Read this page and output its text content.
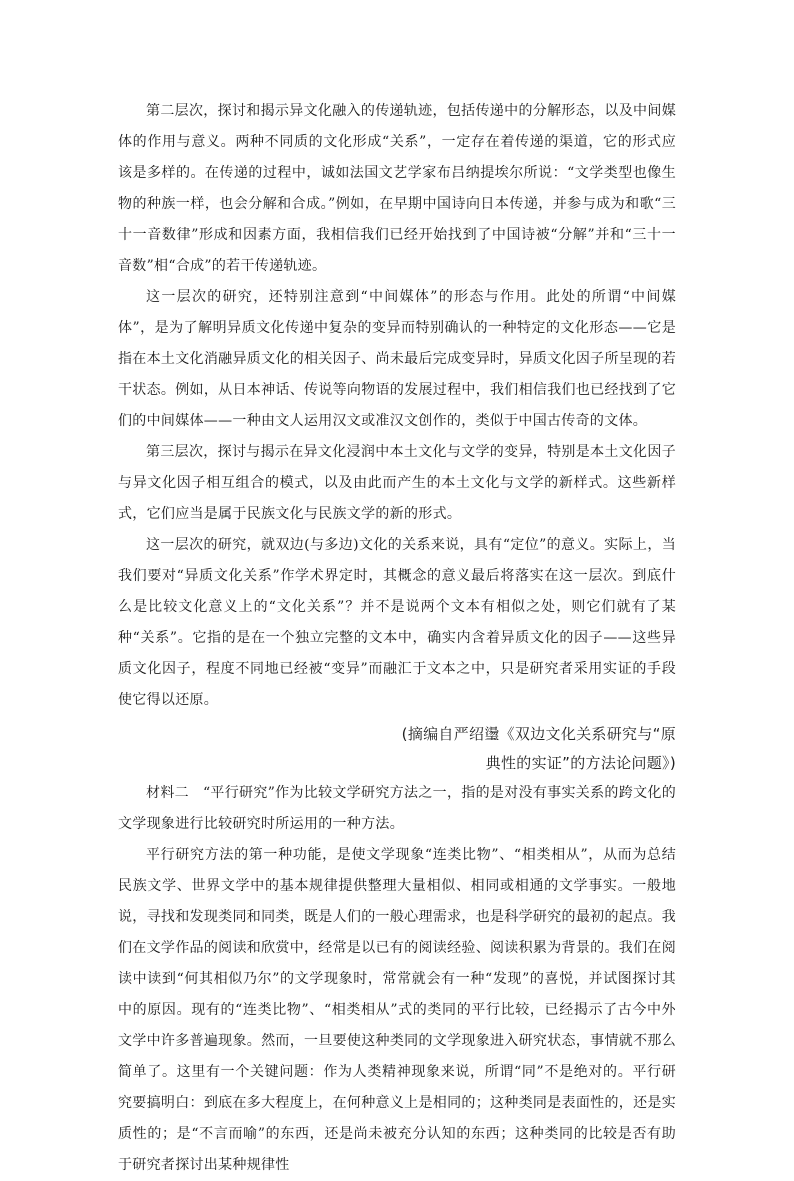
第二层次，探讨和揭示异文化融入的传递轨迹，包括传递中的分解形态，以及中间媒体的作用与意义。两种不同质的文化形成“关系”，一定存在着传递的渠道，它的形式应该是多样的。在传递的过程中，诚如法国文艺学家布吕纳提埃尔所说：“文学类型也像生物的种族一样，也会分解和合成。”例如，在早期中国诗向日本传递，并参与成为和歌“三十一音数律”形成和因素方面，我相信我们已经开始找到了中国诗被“分解”并和“三十一音数”相“合成”的若干传递轨迹。

这一层次的研究，还特别注意到“中间媒体”的形态与作用。此处的所谓“中间媒体”，是为了解明异质文化传递中复杂的变异而特别确认的一种特定的文化形态——它是指在本土文化消融异质文化的相关因子、尚未最后完成变异时，异质文化因子所呈现的若干状态。例如，从日本神话、传说等向物语的发展过程中，我们相信我们也已经找到了它们的中间媒体——一种由文人运用汉文或准汉文创作的，类似于中国古传奇的文体。

第三层次，探讨与揭示在异文化浸润中本土文化与文学的变异，特别是本土文化因子与异文化因子相互组合的模式，以及由此而产生的本土文化与文学的新样式。这些新样式，它们应当是属于民族文化与民族文学的新的形式。

这一层次的研究，就双边(与多边)文化的关系来说，具有“定位”的意义。实际上，当我们要对“异质文化关系”作学术界定时，其概念的意义最后将落实在这一层次。到底什么是比较文化意义上的“文化关系”？并不是说两个文本有相似之处，则它们就有了某种“关系”。它指的是在一个独立完整的文本中，确实内含着异质文化的因子——这些异质文化因子，程度不同地已经被“变异”而融汇于文本之中，只是研究者采用实证的手段使它得以还原。

(摘编自严绍璗《双边文化关系研究与“原
典性的实证”的方法论问题》)

材料二 “平行研究”作为比较文学研究方法之一，指的是对没有事实关系的跨文化的文学现象进行比较研究时所运用的一种方法。

平行研究方法的第一种功能，是使文学现象“连类比物”、“相类相从”，从而为总结民族文学、世界文学中的基本规律提供整理大量相似、相同或相通的文学事实。一般地说，寻找和发现类同和同类，既是人们的一般心理需求，也是科学研究的最初的起点。我们在文学作品的阅读和欣赏中，经常是以已有的阅读经验、阅读积累为背景的。我们在阅读中读到“何其相似乃尔”的文学现象时，常常就会有一种“发现”的喜悦，并试图探讨其中的原因。现有的“连类比物”、“相类相从”式的类同的平行比较，已经揭示了古今中外文学中许多普遍现象。然而，一旦要使这种类同的文学现象进入研究状态，事情就不那么简单了。这里有一个关键问题：作为人类精神现象来说，所谓“同”不是绝对的。平行研究要搞明白：到底在多大程度上，在何种意义上是相同的；这种类同是表面性的，还是实质性的；是“不言而喻”的东西，还是尚未被充分认知的东西；这种类同的比较是否有助于研究者探讨出某种规律性
